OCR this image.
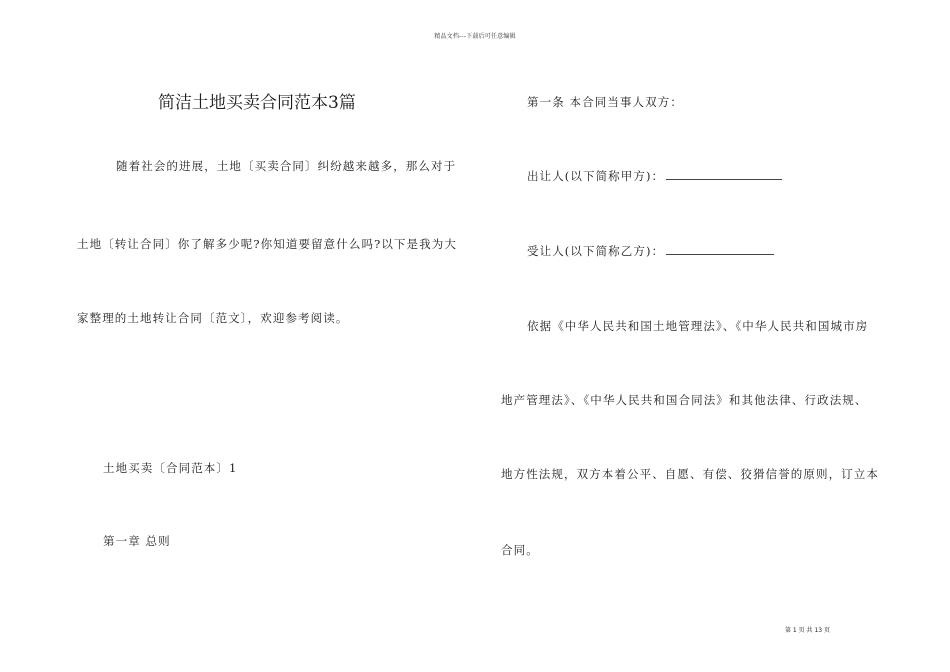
精品文档---下载后可任意编辑
简洁土地买卖合同范本3篇
随着社会的进展，土地〔买卖合同〕纠纷越来越多，那么对于
土地〔转让合同〕你了解多少呢?你知道要留意什么吗?以下是我为大
家整理的土地转让合同〔范文〕，欢迎参考阅读。
土地买卖〔合同范本〕1
第一章 总则
第一条 本合同当事人双方：
出让人(以下简称甲方)：
受让人(以下简称乙方)：
依据《中华人民共和国土地管理法》、《中华人民共和国城市房
地产管理法》、《中华人民共和国合同法》和其他法律、行政法规、
地方性法规，双方本着公平、自愿、有偿、狡猾信誉的原则，订立本
合同。
第 1 页 共 13 页
